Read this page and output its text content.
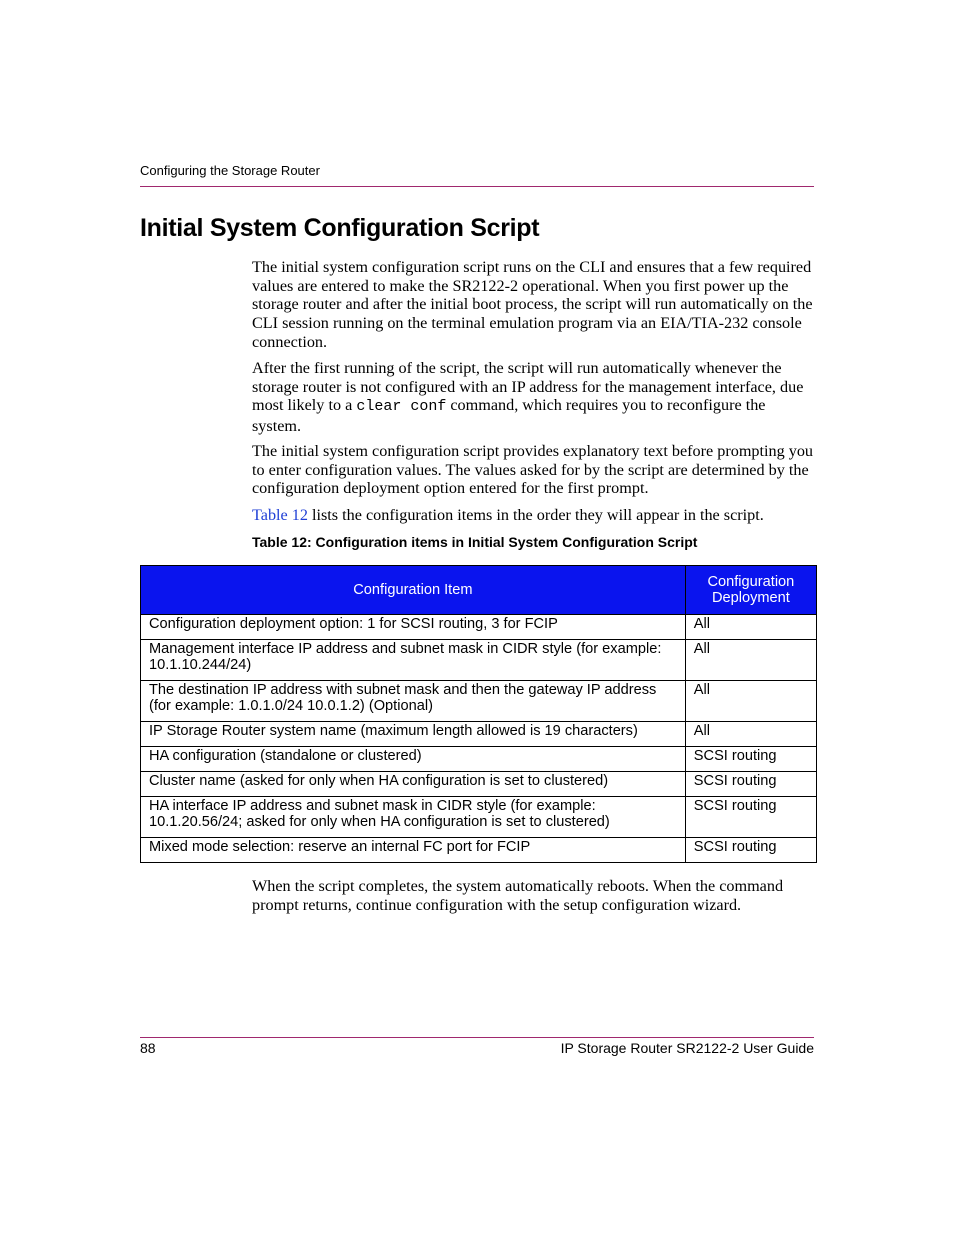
Configuring the Storage Router
Initial System Configuration Script

The initial system configuration script runs on the CLI and ensures that a few required values are entered to make the SR2122-2 operational. When you first power up the storage router and after the initial boot process, the script will run automatically on the CLI session running on the terminal emulation program via an EIA/TIA-232 console connection.

After the first running of the script, the script will run automatically whenever the storage router is not configured with an IP address for the management interface, due most likely to a clear conf command, which requires you to reconfigure the system.

The initial system configuration script provides explanatory text before prompting you to enter configuration values. The values asked for by the script are determined by the configuration deployment option entered for the first prompt.

Table 12 lists the configuration items in the order they will appear in the script.

Table 12: Configuration items in Initial System Configuration Script
Configuration Item	Configuration Deployment
Configuration deployment option: 1 for SCSI routing, 3 for FCIP	All
Management interface IP address and subnet mask in CIDR style (for example: 10.1.10.244/24)	All
The destination IP address with subnet mask and then the gateway IP address (for example: 1.0.1.0/24 10.0.1.2) (Optional)	All
IP Storage Router system name (maximum length allowed is 19 characters)	All
HA configuration (standalone or clustered)	SCSI routing
Cluster name (asked for only when HA configuration is set to clustered)	SCSI routing
HA interface IP address and subnet mask in CIDR style (for example: 10.1.20.56/24; asked for only when HA configuration is set to clustered)	SCSI routing
Mixed mode selection: reserve an internal FC port for FCIP	SCSI routing

When the script completes, the system automatically reboots. When the command prompt returns, continue configuration with the setup configuration wizard.

88	IP Storage Router SR2122-2 User Guide
